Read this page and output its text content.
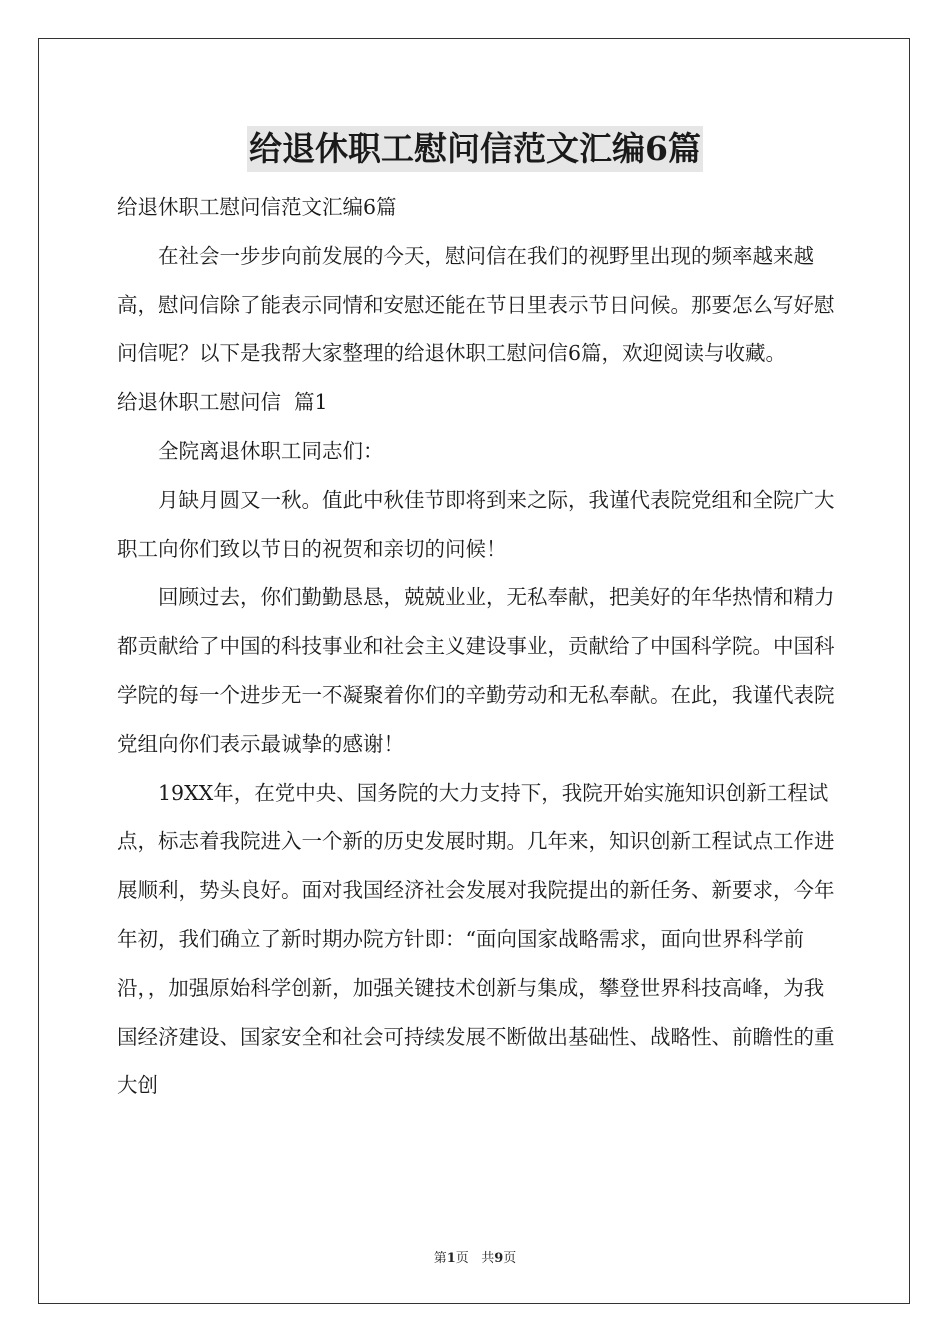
给退休职工慰问信范文汇编6篇

给退休职工慰问信范文汇编6篇

在社会一步步向前发展的今天，慰问信在我们的视野里出现的频率越来越高，慰问信除了能表示同情和安慰还能在节日里表示节日问候。那要怎么写好慰问信呢？以下是我帮大家整理的给退休职工慰问信6篇，欢迎阅读与收藏。

给退休职工慰问信  篇1

全院离退休职工同志们：

月缺月圆又一秋。值此中秋佳节即将到来之际，我谨代表院党组和全院广大职工向你们致以节日的祝贺和亲切的问候！

回顾过去，你们勤勤恳恳，兢兢业业，无私奉献，把美好的年华热情和精力都贡献给了中国的科技事业和社会主义建设事业，贡献给了中国科学院。中国科学院的每一个进步无一不凝聚着你们的辛勤劳动和无私奉献。在此，我谨代表院党组向你们表示最诚挚的感谢！

19XX年，在党中央、国务院的大力支持下，我院开始实施知识创新工程试点，标志着我院进入一个新的历史发展时期。几年来，知识创新工程试点工作进展顺利，势头良好。面对我国经济社会发展对我院提出的新任务、新要求，今年年初，我们确立了新时期办院方针即：“面向国家战略需求，面向世界科学前沿，，加强原始科学创新，加强关键技术创新与集成，攀登世界科技高峰，为我国经济建设、国家安全和社会可持续发展不断做出基础性、战略性、前瞻性的重大创

第1页 共9页
